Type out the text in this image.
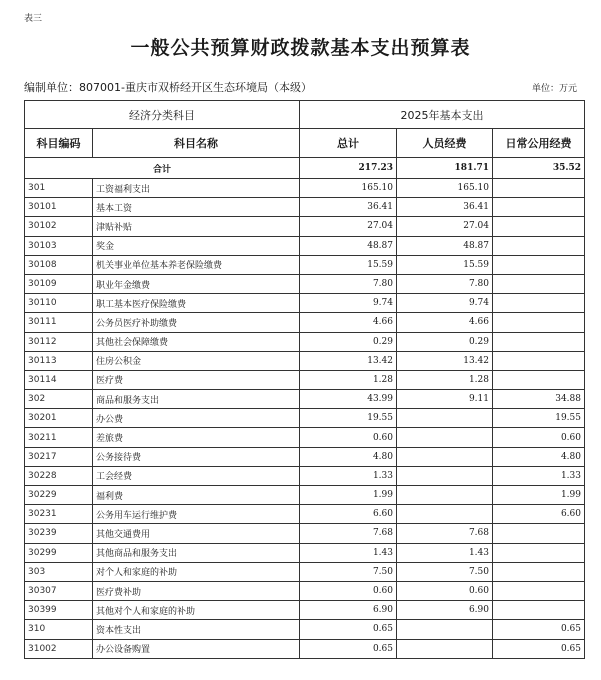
表三
一般公共预算财政拨款基本支出预算表
编制单位：807001-重庆市双桥经开区生态环境局（本级）	单位：万元
经济分类科目		2025年基本支出		
科目编码	科目名称	总计	人员经费	日常公用经费
合计		217.23	181.71	35.52
301	工资福利支出	165.10	165.10	
30101	基本工资	36.41	36.41	
30102	津贴补贴	27.04	27.04	
30103	奖金	48.87	48.87	
30108	机关事业单位基本养老保险缴费	15.59	15.59	
30109	职业年金缴费	7.80	7.80	
30110	职工基本医疗保险缴费	9.74	9.74	
30111	公务员医疗补助缴费	4.66	4.66	
30112	其他社会保障缴费	0.29	0.29	
30113	住房公积金	13.42	13.42	
30114	医疗费	1.28	1.28	
302	商品和服务支出	43.99	9.11	34.88
30201	办公费	19.55		19.55
30211	差旅费	0.60		0.60
30217	公务接待费	4.80		4.80
30228	工会经费	1.33		1.33
30229	福利费	1.99		1.99
30231	公务用车运行维护费	6.60		6.60
30239	其他交通费用	7.68	7.68	
30299	其他商品和服务支出	1.43	1.43	
303	对个人和家庭的补助	7.50	7.50	
30307	医疗费补助	0.60	0.60	
30399	其他对个人和家庭的补助	6.90	6.90	
310	资本性支出	0.65		0.65
31002	办公设备购置	0.65		0.65
